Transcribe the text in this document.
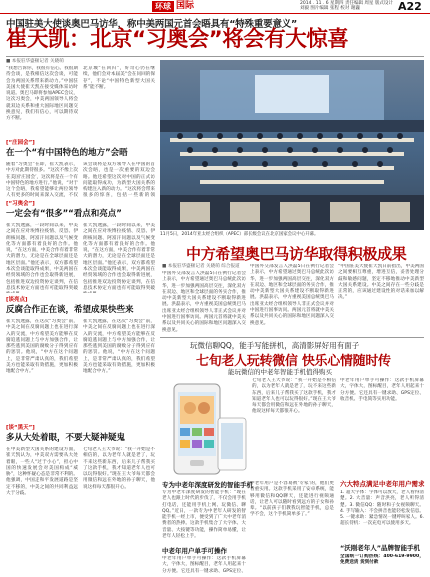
环球 国际	2014 . 11 . 6 星期四 责任编辑 周星 版式设计 刘毅 图片编辑 张程 校对 谢巍	A22
中国驻美大使谈奥巴马访华，称中美两国元首会晤具有“特殊重要意义”
崔天凯：北京“习奥会”将会有大惊喜
■ 本报驻华盛顿记者 关晓萌
“我想告诉你，我很有信心。我很期待会谈，是我相信这次会谈，可能会为两国关系带来新动力。”中国驻美国大使崔天凯在接受媒体采访时说道。奥巴马即将参加APEC会议，这次习奥会，中美两国领导人将会就双边关系和重大国际地区问题交换意见，我们有信心，可以期待双方不断。
北京城“在回归”，好奇心仍在继续，他们会对本届美“会在问回的保存”，不论“中国特色新型大国关系”能不断。
11月5日，2014年亚太经合组织（APEC）部长级会议在北京国家会议中心开幕。
[“庄园会”]
在一个“有中国特色的地方”会晤
随着“习奥会”在即，崔天凯表示，中方对此期待很多。“这次不像上次在美国‘庄园会’，这次将是在一个有中国特色的地方进行。”他说，“对于这个会晤，我希望能够让两位领导人有更多的时间来深入交流，不仅
该会谈将是双方领导人在中国的首次会晤，也是一次重要的双边会晤。他还希望这次对中国的正式访问能取得成功，为新型大国关系的构建注入新的动力。“这次将会带来很多的惊喜，包括一些新的领
[“习奥会”]
一定会有“很多”“看点和亮点”
崔天凯透露，一段时间以来，中美之间在应对埃博拉疫情、反恐、伊朗核问题、阿富汗问题以及气候变化等方面都有着良好的合作。他说，“在这方面，中美合作有着非常大的潜力，无论是在全球层面还是地区层面。”他还表示，双方都希望本次会谈能取得成果，中美两国在经贸领域的合作也会取得新进展，包括推进双边投资协定谈判，在信息技术协定方面也有可能取得突破
崔天凯透露，一段时间以来，中美之间在应对埃博拉疫情、反恐、伊朗核问题、阿富汗问题以及气候变化等方面都有着良好的合作。他说，“在这方面，中美合作有着非常大的潜力，无论是在全球层面还是地区层面。”他还表示，双方都希望本次会谈能取得成果，中美两国在经贸领域的合作也会取得新进展，包括推进双边投资协定谈判，在信息技术协定方面也有可能取得突破
[谈亮点]
反腐合作正在谈，希望成果快些来
崔天凯透露，在这次“习奥会”前，中美之间在反腐问题上也在进行深入的交流，中方希望美方能够在反腐追逃问题上与中方加强合作，让那些逃到美国的腐败分子得到应有的惩罚。他说，“中方在这个问题上，是非常严肃认真的，我们希望美方也能采取有效措施，更加积极地配合中方。”
崔天凯透露，在这次“习奥会”前，中美之间在反腐问题上也在进行深入的交流，中方希望美方能够在反腐追逃问题上与中方加强合作，让那些逃到美国的腐败分子得到应有的惩罚。他说，“中方在这个问题上，是非常严肃认真的，我们希望美方也能采取有效措施，更加积极地配合中方。”
[谈“黑天”]
多从大处着眼，不要大疑神疑鬼
在中美新型大国关系的建设方面，崔天凯认为，中美双方需要从大处着眼，一些人“过于小心”，担心中国的快速发展会对美国构成“威胁”，这种怀疑心态是非常不利的。他强调，中国走和平发展道路是坚定不移的，中美之间的共同利益远大于分歧。
七旬老人王大爷说：“我一开始是不相信的，以为老年人就是老了，玩不来这些新东西，后来儿子帮我买了这款手机，我才知道老年人也可以玩得很好。”现在王大爷每天都会用微信和远在外地的孙子聊天，他说这样每天都很开心。
中方希望奥巴马访华取得积极成果
■ 本报驻华盛顿记者 关晓萌 综合报道
中国外交部发言人洪磊5日在例行记者会上表示，中方希望通过奥巴马总统此次访华，进一步加强两国高层交往，深化双方在双边、地区和全球层面的务实合作，推动中美新型大国关系建设不断取得新进展。洪磊表示，中方重视美国总统奥巴马出席亚太经合组织领导人非正式会议并对中国进行国事访问。两国元首将就中美关系以及共同关心的国际和地区问题深入交换意见。
中国外交部发言人洪磊5日在例行记者会上表示，中方希望通过奥巴马总统此次访华，进一步加强两国高层交往，深化双方在双边、地区和全球层面的务实合作，推动中美新型大国关系建设不断取得新进展。洪磊表示，中方重视美国总统奥巴马出席亚太经合组织领导人非正式会议并对中国进行国事访问。两国元首将就中美关系以及共同关心的国际和地区问题深入交换意见。
“中国驻美大使崔天凯日前指出，中美两国之间要相互尊重，增进互信，妥善处理分歧和敏感问题，坚定不移地推动中美新型大国关系建设。中美之间存在一些分歧是正常的，应该通过建设性的对话来加以解决。”
玩微信聊QQ，能手写能拼机，高清影屏好用有面子
七旬老人玩转微信 快乐心情随时传
能玩微信的中老年智能手机值得购买
七旬老人王大爷说：“我一开始是不相信的，以为老年人就是老了，玩不来这些新东西，后来儿子帮我买了这款手机，我才知道老年人也可以玩得很好。”现在王大爷每天都会用微信和远在外地的孙子聊天，他说这样每天都很开心。
中老年用户单手可操作：这款手机屏幕大，字体大，图标醒目，老年人用起来十分方便。它还具有一键求助、GPS定位、收音机、手电筒等实用功能。
专为中老年深度研发的智能手机
专为中老年深度研发的智能手机：“现在老人也跟上时代的步伐了，不仅会用手机打电话，还能用手机上网、玩微信、聊QQ。”近日，一款专为中老年人研发的智能手机一经上市，便受到了广大中老年消费者的热捧。这款手机集合了大字体、大音量、大按键等功能，操作简单易懂，让老年人轻松上手。
中老年用户单手可操作
中老年用户单手可操作：这款手机屏幕大，字体大，图标醒目，老年人用起来十分方便。它还具有一键求助、GPS定位、
中老年用户是不容易被‘专家’的，他们更看重实用。这款手机采用了安卓系统，能够用微信和QQ聊天，还能进行视频通话，让老人可以随时看到远方的子女和孙辈。“以前孩子们教我玩智能手机，总是学不会，这个手机简单多了。”
六大特点满足中老年用户需求
1. 超大字体：字体可以放大，老人看得清楚。2. 大音量：声音洪亮，老人听得清楚。3. 微信QQ：随时和子女视频聊天。4. 手写输入：不会拼音也能轻松发信息。5. 一键求助：紧急情况一键呼叫家人。6. 超长待机：一次充电可以使用多天。
“沃刚老年人”品牌智能手机
全国统一订购热线：400-619-9900，免费送货 货到付款
